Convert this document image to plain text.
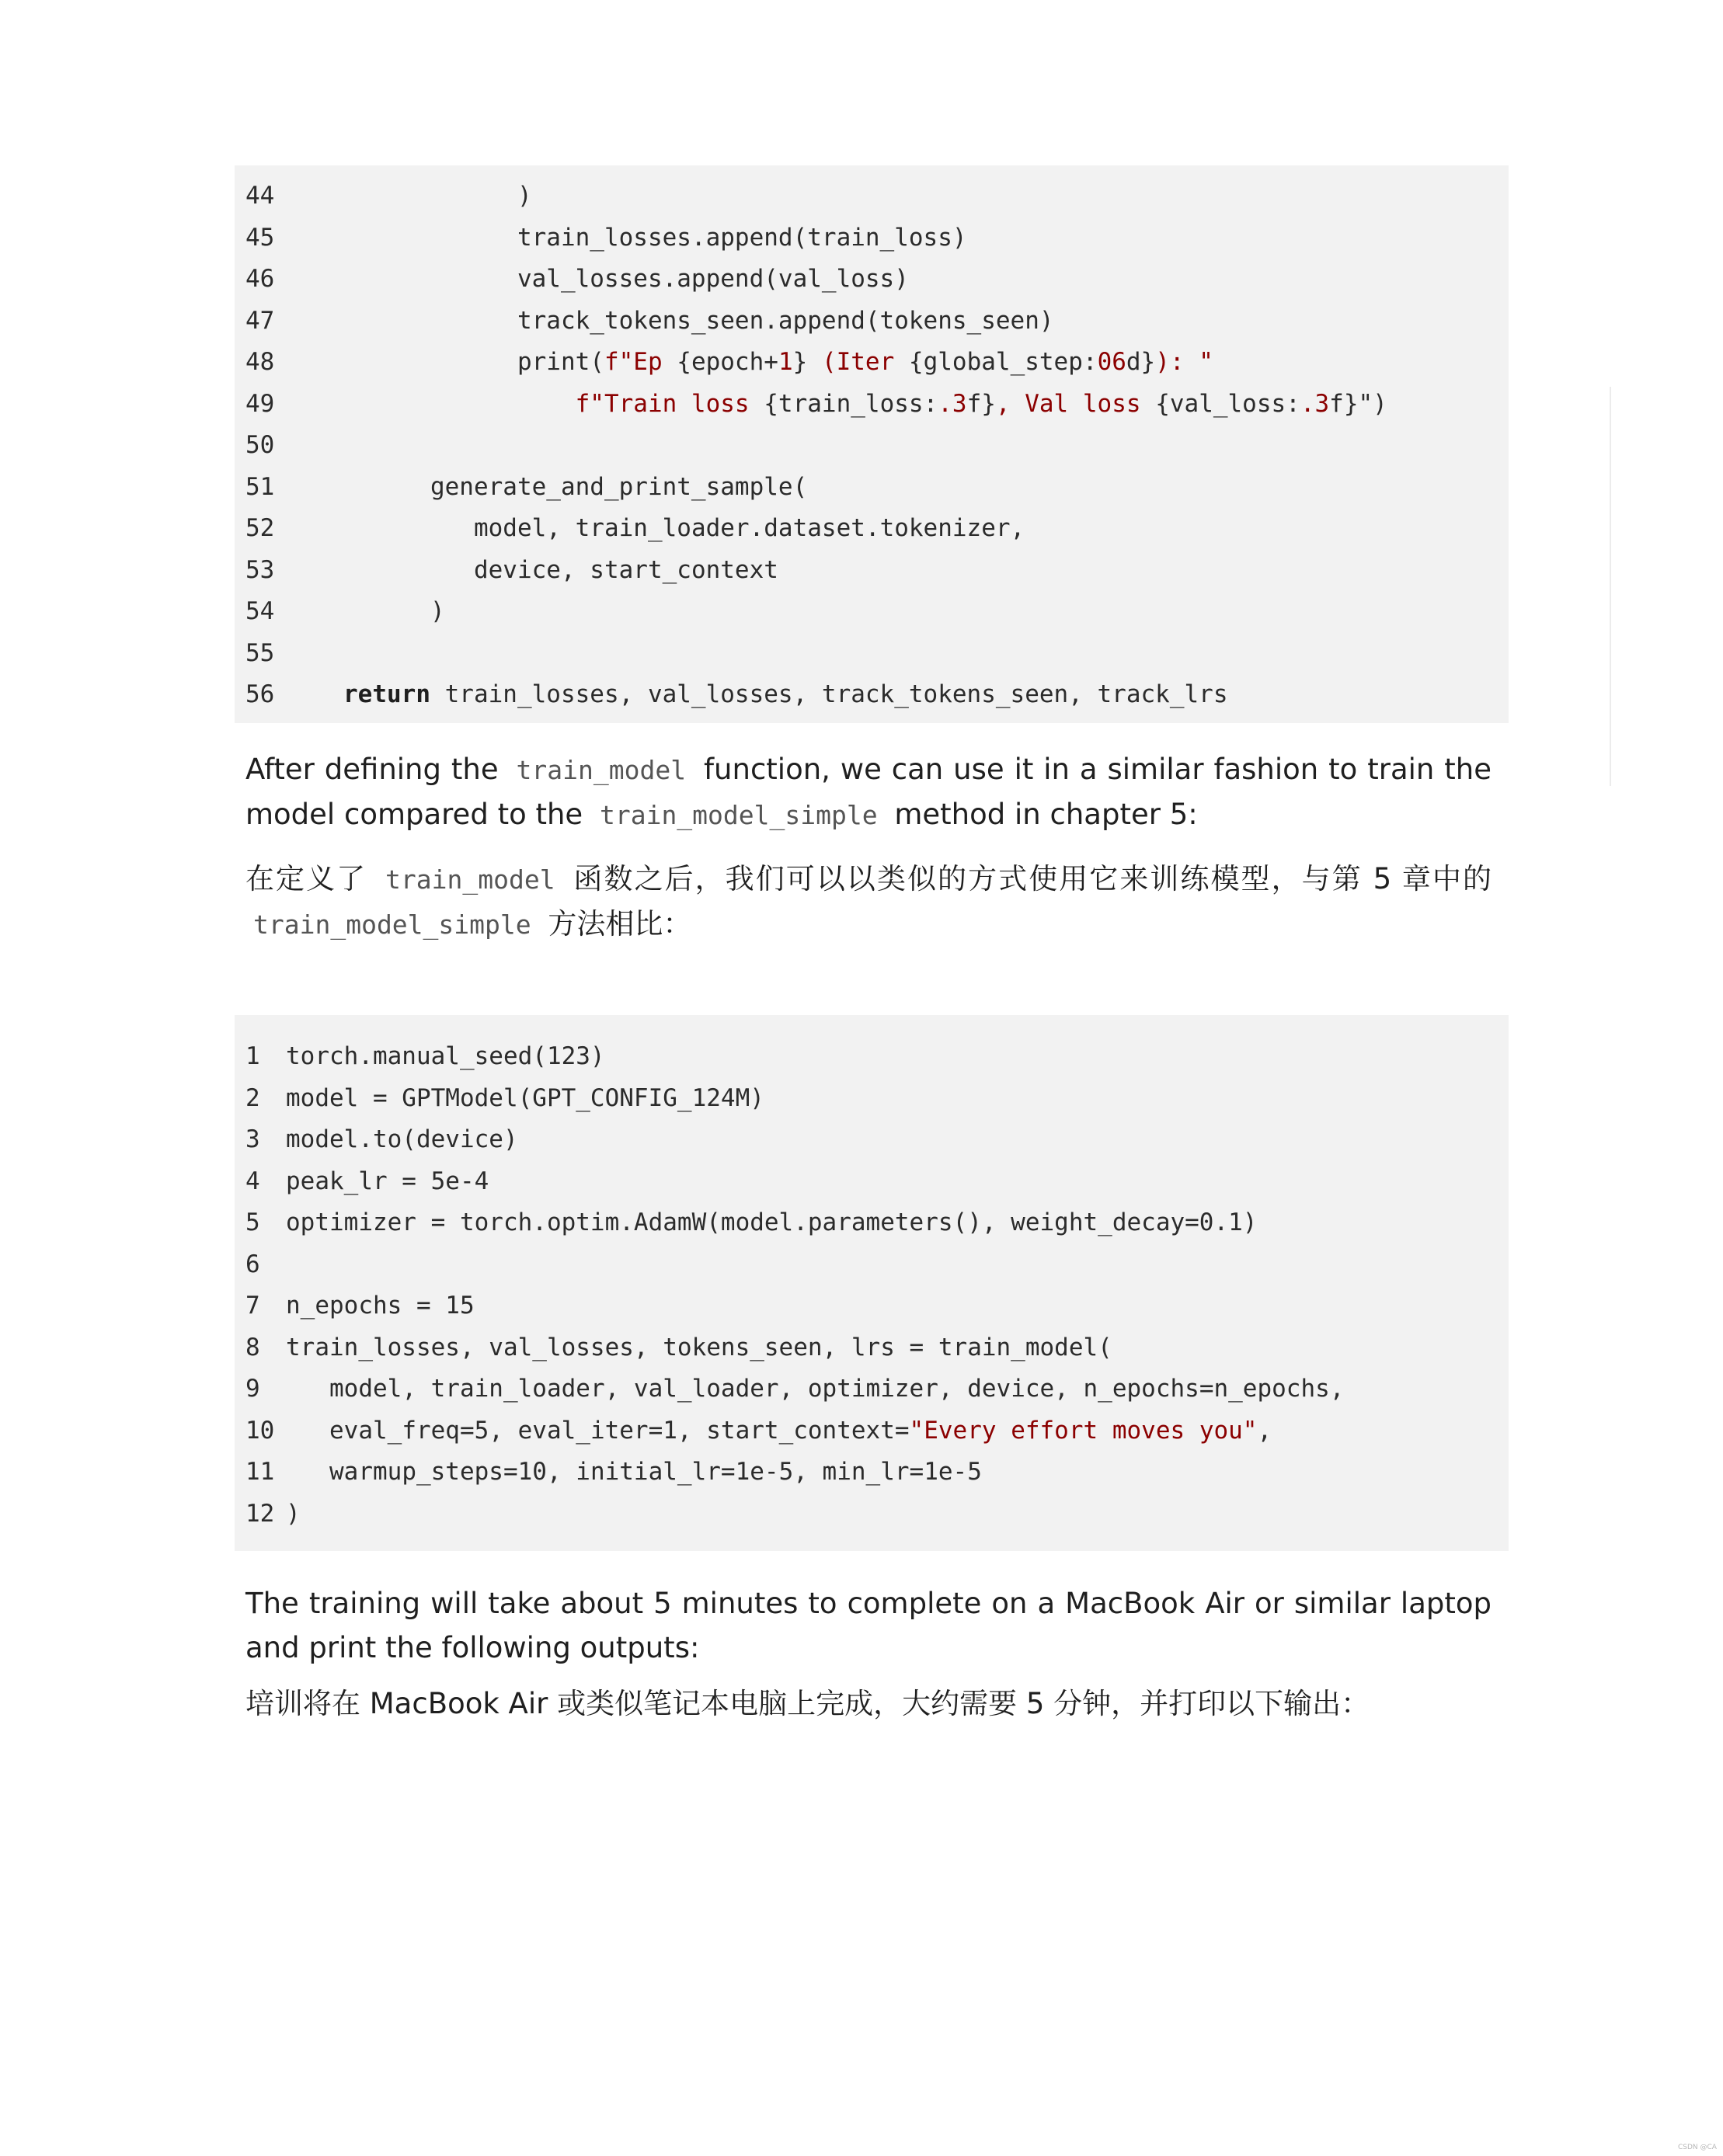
44	)
45	train_losses.append(train_loss)
46	val_losses.append(val_loss)
47	track_tokens_seen.append(tokens_seen)
48	print(f"Ep {epoch+1} (Iter {global_step:06d}): "
49	f"Train loss {train_loss:.3f}, Val loss {val_loss:.3f}")
50
51	generate_and_print_sample(
52	model, train_loader.dataset.tokenizer,
53	device, start_context
54	)
55
56	return train_losses, val_losses, track_tokens_seen, track_lrs

After defining the train_model function, we can use it in a similar fashion to train the model compared to the train_model_simple method in chapter 5:

在定义了 train_model 函数之后，我们可以以类似的方式使用它来训练模型，与第 5 章中的 train_model_simple 方法相比：

1 torch.manual_seed(123)
2 model = GPTModel(GPT_CONFIG_124M)
3 model.to(device)
4 peak_lr = 5e-4
5 optimizer = torch.optim.AdamW(model.parameters(), weight_decay=0.1)
6
7 n_epochs = 15
8 train_losses, val_losses, tokens_seen, lrs = train_model(
9	model, train_loader, val_loader, optimizer, device, n_epochs=n_epochs,
10	eval_freq=5, eval_iter=1, start_context="Every effort moves you",
11	warmup_steps=10, initial_lr=1e-5, min_lr=1e-5
12 )

The training will take about 5 minutes to complete on a MacBook Air or similar laptop and print the following outputs:

培训将在 MacBook Air 或类似笔记本电脑上完成，大约需要 5 分钟，并打印以下输出：

CSDN @CA
